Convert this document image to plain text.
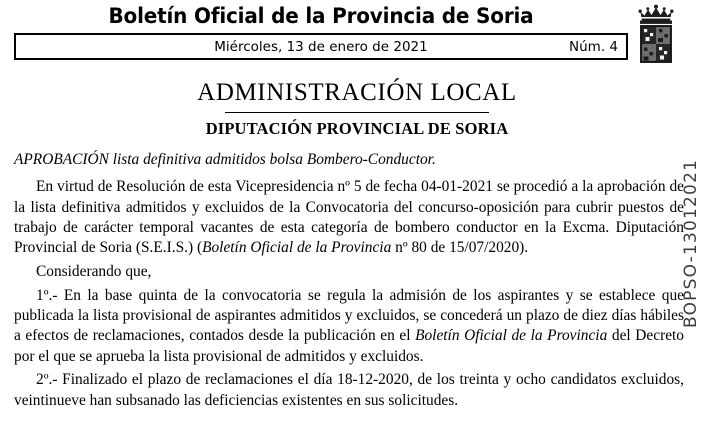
Boletín Oficial de la Provincia de Soria
Miércoles, 13 de enero de 2021	Núm. 4
ADMINISTRACIÓN LOCAL
DIPUTACIÓN PROVINCIAL DE SORIA

APROBACIÓN lista definitiva admitidos bolsa Bombero-Conductor.

En virtud de Resolución de esta Vicepresidencia nº 5 de fecha 04-01-2021 se procedió a la aprobación de la lista definitiva admitidos y excluidos de la Convocatoria del concurso-oposición para cubrir puestos de trabajo de carácter temporal vacantes de esta categoría de bombero conductor en la Excma. Diputación Provincial de Soria (S.E.I.S.) (Boletín Oficial de la Provincia nº 80 de 15/07/2020).

Considerando que,

1º.- En la base quinta de la convocatoria se regula la admisión de los aspirantes y se establece que publicada la lista provisional de aspirantes admitidos y excluidos, se concederá un plazo de diez días hábiles a efectos de reclamaciones, contados desde la publicación en el Boletín Oficial de la Provincia del Decreto por el que se aprueba la lista provisional de admitidos y excluidos.

2º.- Finalizado el plazo de reclamaciones el día 18-12-2020, de los treinta y ocho candidatos excluidos, veintinueve han subsanado las deficiencias existentes en sus solicitudes.

BOPSO-13012021
